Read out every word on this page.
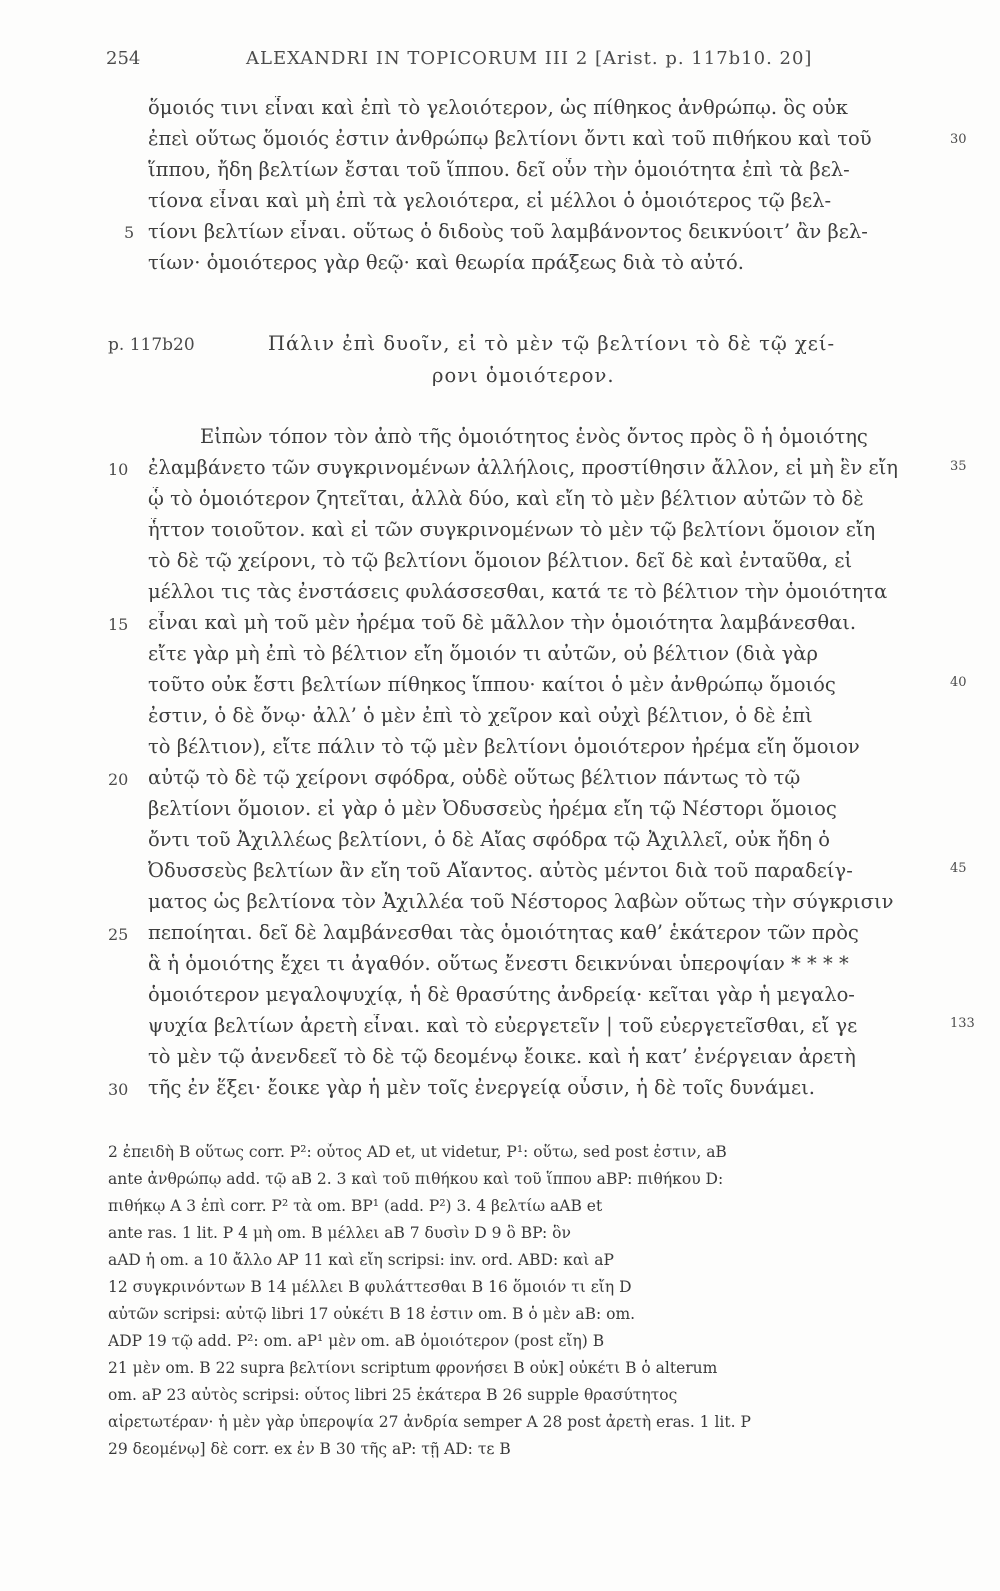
254	ALEXANDRI IN TOPICORUM III 2 [Arist. p. 117b10. 20]
ὅμοιός τινι εἶναι καὶ ἐπὶ τὸ γελοιότερον, ὡς πίθηκος ἀνθρώπῳ. ὃς οὐκ
ἐπεὶ οὕτως ὅμοιός ἐστιν ἀνθρώπῳ βελτίονι ὄντι καὶ τοῦ πιθήκου καὶ τοῦ
ἵππου, ἤδη βελτίων ἔσται τοῦ ἵππου. δεῖ οὖν τὴν ὁμοιότητα ἐπὶ τὰ βελ-
τίονα εἶναι καὶ μὴ ἐπὶ τὰ γελοιότερα, εἰ μέλλοι ὁ ὁμοιότερος τῷ βελ-
τίονι βελτίων εἶναι. οὕτως ὁ διδοὺς τοῦ λαμβάνοντος δεικνύοιτ’ ἂν βελ-
τίων· ὁμοιότερος γὰρ θεῷ· καὶ θεωρία πράξεως διὰ τὸ αὐτό.
p. 117b20	Πάλιν ἐπὶ δυοῖν, εἰ τὸ μὲν τῷ βελτίονι τὸ δὲ τῷ χεί-
ρονι ὁμοιότερον.
Εἰπὼν τόπον τὸν ἀπὸ τῆς ὁμοιότητος ἑνὸς ὄντος πρὸς ὃ ἡ ὁμοιότης
ἐλαμβάνετο τῶν συγκρινομένων ἀλλήλοις, προστίθησιν ἄλλον, εἰ μὴ ἓν εἴη
ᾧ τὸ ὁμοιότερον ζητεῖται, ἀλλὰ δύο, καὶ εἴη τὸ μὲν βέλτιον αὐτῶν τὸ δὲ
ἧττον τοιοῦτον. καὶ εἰ τῶν συγκρινομένων τὸ μὲν τῷ βελτίονι ὅμοιον εἴη
τὸ δὲ τῷ χείρονι, τὸ τῷ βελτίονι ὅμοιον βέλτιον. δεῖ δὲ καὶ ἐνταῦθα, εἰ
μέλλοι τις τὰς ἐνστάσεις φυλάσσεσθαι, κατά τε τὸ βέλτιον τὴν ὁμοιότητα
εἶναι καὶ μὴ τοῦ μὲν ἠρέμα τοῦ δὲ μᾶλλον τὴν ὁμοιότητα λαμβάνεσθαι.
εἴτε γὰρ μὴ ἐπὶ τὸ βέλτιον εἴη ὅμοιόν τι αὐτῶν, οὐ βέλτιον (διὰ γὰρ
τοῦτο οὐκ ἔστι βελτίων πίθηκος ἵππου· καίτοι ὁ μὲν ἀνθρώπῳ ὅμοιός
ἐστιν, ὁ δὲ ὄνῳ· ἀλλ’ ὁ μὲν ἐπὶ τὸ χεῖρον καὶ οὐχὶ βέλτιον, ὁ δὲ ἐπὶ
τὸ βέλτιον), εἴτε πάλιν τὸ τῷ μὲν βελτίονι ὁμοιότερον ἠρέμα εἴη ὅμοιον
αὐτῷ τὸ δὲ τῷ χείρονι σφόδρα, οὐδὲ οὕτως βέλτιον πάντως τὸ τῷ
βελτίονι ὅμοιον. εἰ γὰρ ὁ μὲν Ὀδυσσεὺς ἠρέμα εἴη τῷ Νέστορι ὅμοιος
ὄντι τοῦ Ἀχιλλέως βελτίονι, ὁ δὲ Αἴας σφόδρα τῷ Ἀχιλλεῖ, οὐκ ἤδη ὁ
Ὀδυσσεὺς βελτίων ἂν εἴη τοῦ Αἴαντος. αὐτὸς μέντοι διὰ τοῦ παραδείγ-
ματος ὡς βελτίονα τὸν Ἀχιλλέα τοῦ Νέστορος λαβὼν οὕτως τὴν σύγκρισιν
πεποίηται. δεῖ δὲ λαμβάνεσθαι τὰς ὁμοιότητας καθ’ ἑκάτερον τῶν πρὸς
ἃ ἡ ὁμοιότης ἔχει τι ἀγαθόν. οὕτως ἔνεστι δεικνύναι ὑπεροψίαν * * * *
ὁμοιότερον μεγαλοψυχίᾳ, ἡ δὲ θρασύτης ἀνδρείᾳ· κεῖται γὰρ ἡ μεγαλο-
ψυχία βελτίων ἀρετὴ εἶναι. καὶ τὸ εὐεργετεῖν | τοῦ εὐεργετεῖσθαι, εἴ γε
τὸ μὲν τῷ ἀνενδεεῖ τὸ δὲ τῷ δεομένῳ ἔοικε. καὶ ἡ κατ’ ἐνέργειαν ἀρετὴ
τῆς ἐν ἕξει· ἔοικε γὰρ ἡ μὲν τοῖς ἐνεργείᾳ οὖσιν, ἡ δὲ τοῖς δυνάμει.
5
10
15
20
25
30
30
35
40
45
133
2 ἐπειδὴ B οὕτως corr. P²: οὗτος AD et, ut videtur, P¹: οὕτω, sed post ἐστιν, aB
ante ἀνθρώπῳ add. τῷ aB 2. 3 καὶ τοῦ πιθήκου καὶ τοῦ ἵππου aBP: πιθήκου D:
πιθήκῳ A 3 ἐπὶ corr. P² τὰ om. BP¹ (add. P²) 3. 4 βελτίω aAB et
ante ras. 1 lit. P 4 μὴ om. B μέλλει aB 7 δυσὶν D 9 ὃ BP: ὃν
aAD ἡ om. a 10 ἄλλο AP 11 καὶ εἴη scripsi: inv. ord. ABD: καὶ aP
12 συγκρινόντων B 14 μέλλει B φυλάττεσθαι B 16 ὅμοιόν τι εἴη D
αὐτῶν scripsi: αὐτῷ libri 17 οὐκέτι B 18 ἐστιν om. B ὁ μὲν aB: om.
ADP 19 τῷ add. P²: om. aP¹ μὲν om. aB ὁμοιότερον (post εἴη) B
21 μὲν om. B 22 supra βελτίονι scriptum φρονήσει B οὐκ] οὐκέτι B ὁ alterum
om. aP 23 αὐτὸς scripsi: οὗτος libri 25 ἑκάτερα B 26 supple θρασύτητος
αἱρετωτέραν· ἡ μὲν γὰρ ὑπεροψία 27 ἀνδρία semper A 28 post ἀρετὴ eras. 1 lit. P
29 δεομένῳ] δὲ corr. ex ἐν B 30 τῆς aP: τῇ AD: τε B
